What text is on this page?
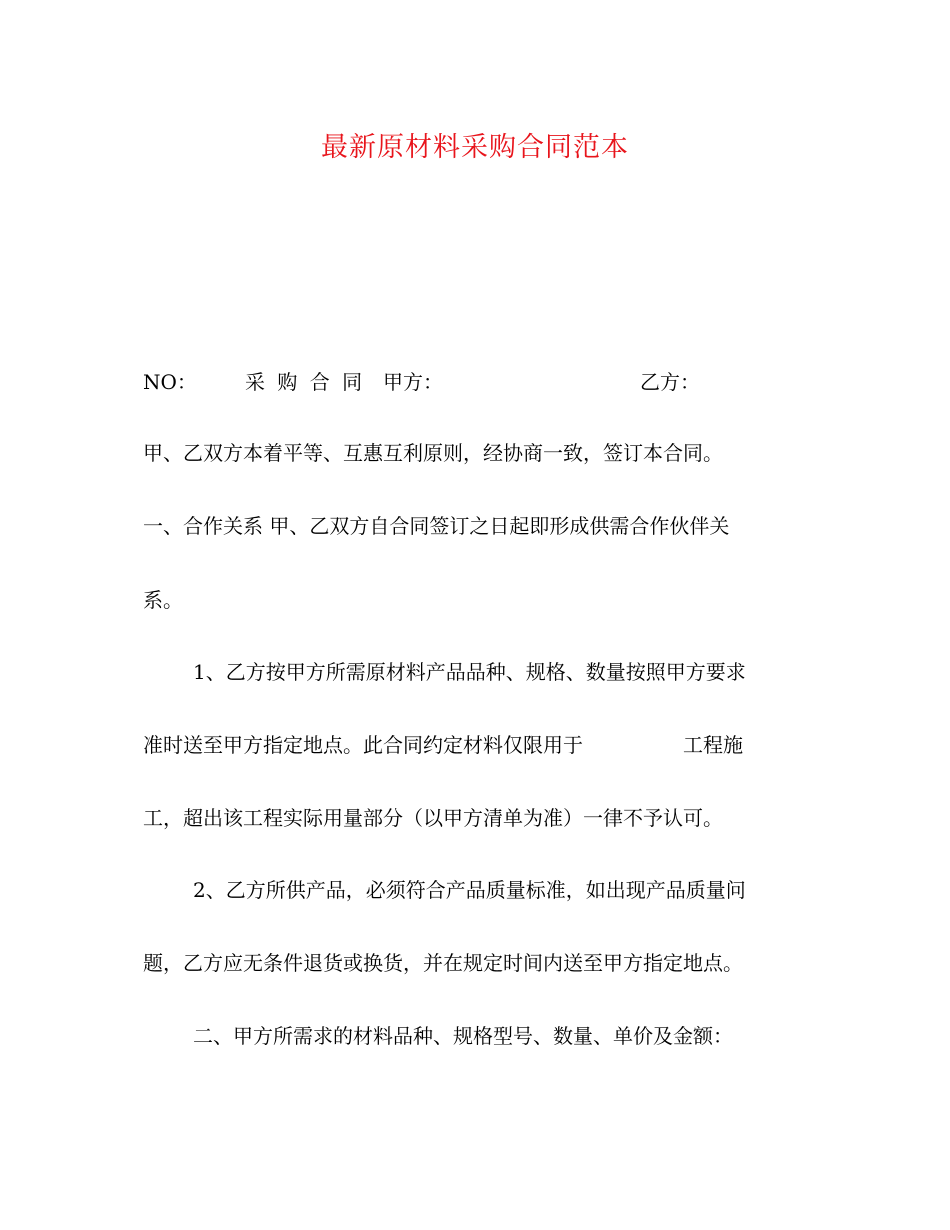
最新原材料采购合同范本
NO： 采 购 合 同 甲方：	乙方：
甲、乙双方本着平等、互惠互利原则，经协商一致，签订本合同。
一、合作关系 甲、乙双方自合同签订之日起即形成供需合作伙伴关
系。
1、乙方按甲方所需原材料产品品种、规格、数量按照甲方要求
准时送至甲方指定地点。此合同约定材料仅限用于	工程施
工，超出该工程实际用量部分（以甲方清单为准）一律不予认可。
2、乙方所供产品，必须符合产品质量标准，如出现产品质量问
题，乙方应无条件退货或换货，并在规定时间内送至甲方指定地点。
二、甲方所需求的材料品种、规格型号、数量、单价及金额：
